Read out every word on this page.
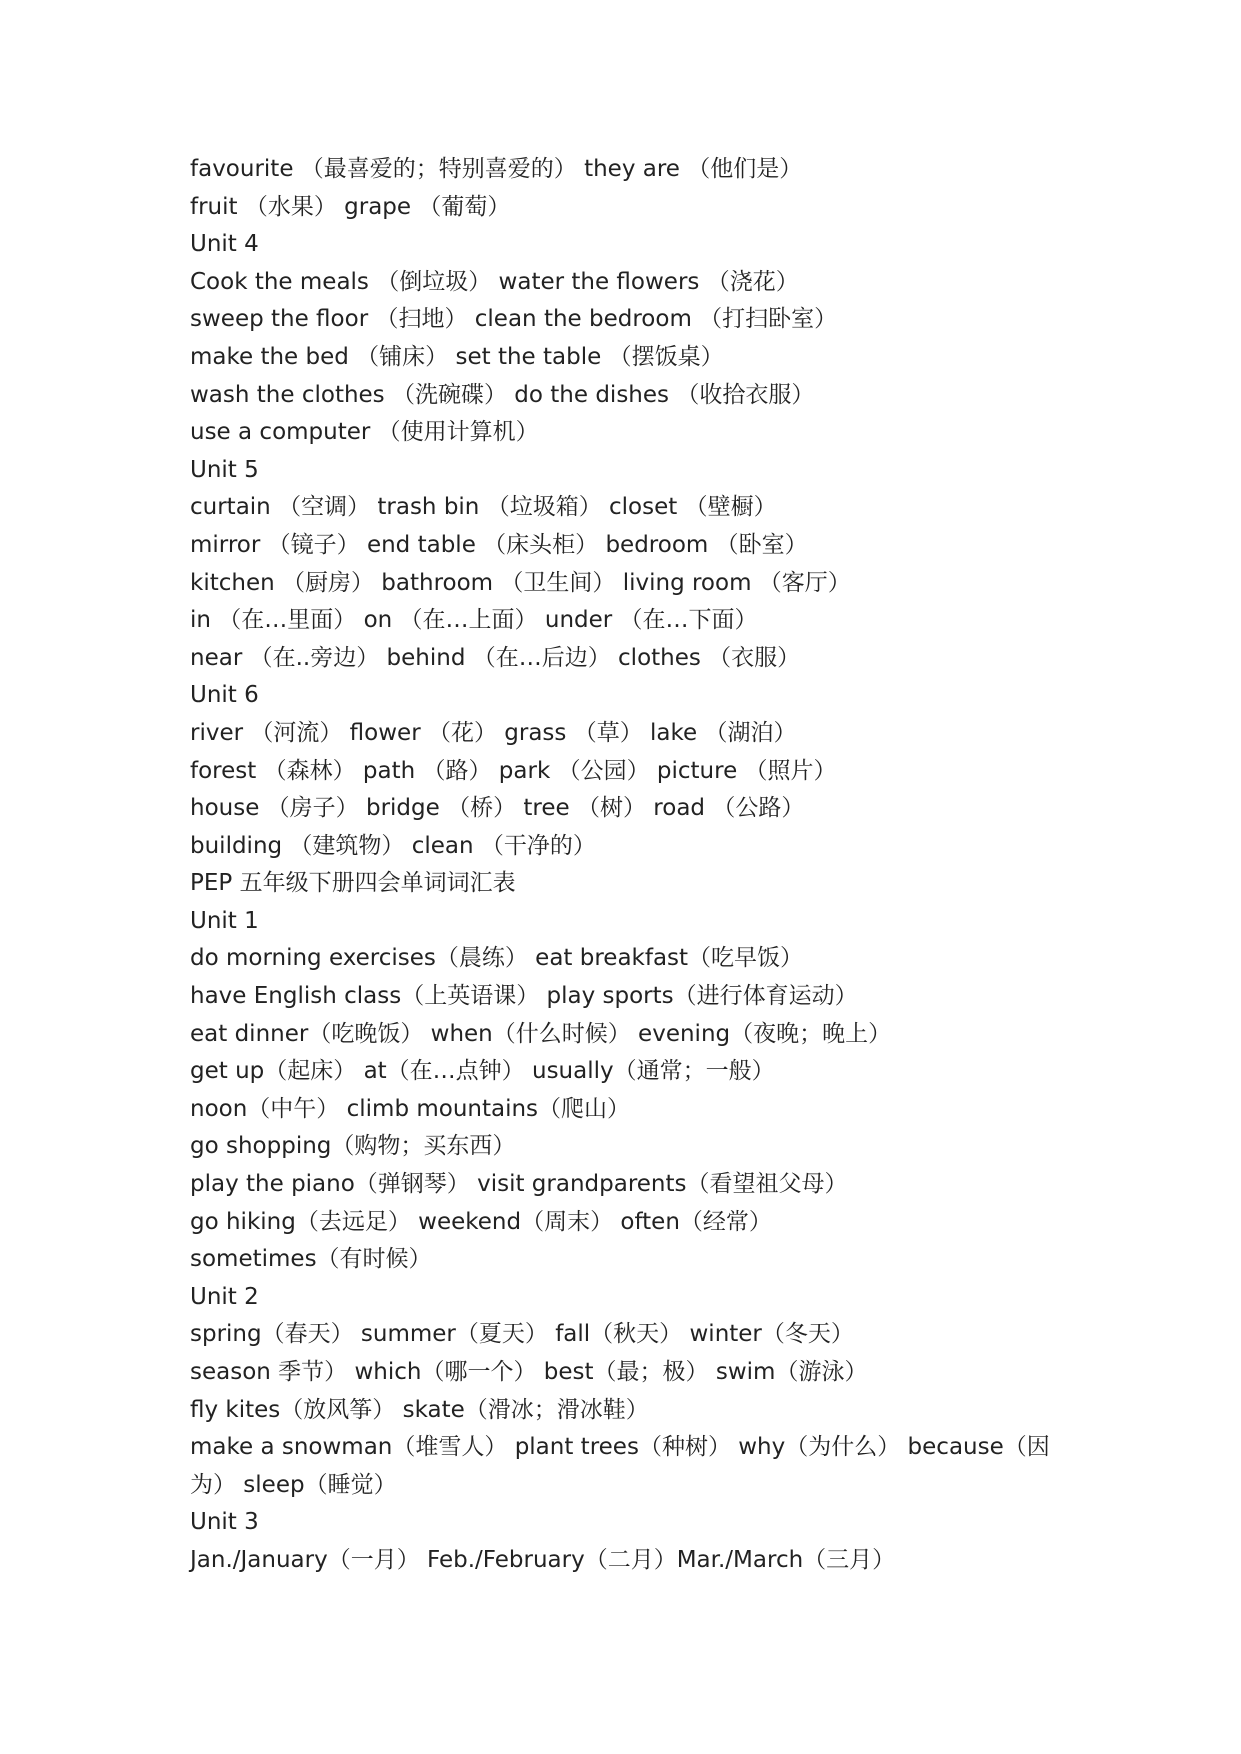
favourite （最喜爱的；特别喜爱的） they are （他们是）
fruit （水果） grape （葡萄）
Unit 4
Cook the meals （倒垃圾） water the flowers （浇花）
sweep the floor （扫地） clean the bedroom （打扫卧室）
make the bed （铺床） set the table （摆饭桌）
wash the clothes （洗碗碟） do the dishes （收拾衣服）
use a computer （使用计算机）
Unit 5
curtain （空调） trash bin （垃圾箱） closet （壁橱）
mirror （镜子） end table （床头柜） bedroom （卧室）
kitchen （厨房） bathroom （卫生间） living room （客厅）
in （在…里面） on （在…上面） under （在…下面）
near （在..旁边） behind （在…后边） clothes （衣服）
Unit 6
river （河流） flower （花） grass （草） lake （湖泊）
forest （森林） path （路） park （公园） picture （照片）
house （房子） bridge （桥） tree （树） road （公路）
building （建筑物） clean （干净的）
PEP 五年级下册四会单词词汇表
Unit 1
do morning exercises（晨练） eat breakfast（吃早饭）
have English class（上英语课） play sports（进行体育运动）
eat dinner（吃晚饭） when（什么时候） evening（夜晚；晚上）
get up（起床） at（在…点钟） usually（通常；一般）
noon（中午） climb mountains（爬山）
go shopping（购物；买东西）
play the piano（弹钢琴） visit grandparents（看望祖父母）
go hiking（去远足） weekend（周末） often（经常）
sometimes（有时候）
Unit 2
spring（春天） summer（夏天） fall（秋天） winter（冬天）
season 季节） which（哪一个） best（最；极） swim（游泳）
fly kites（放风筝） skate（滑冰；滑冰鞋）
make a snowman（堆雪人） plant trees（种树） why（为什么） because（因为） sleep（睡觉）
Unit 3
Jan./January（一月） Feb./February（二月）Mar./March（三月）
